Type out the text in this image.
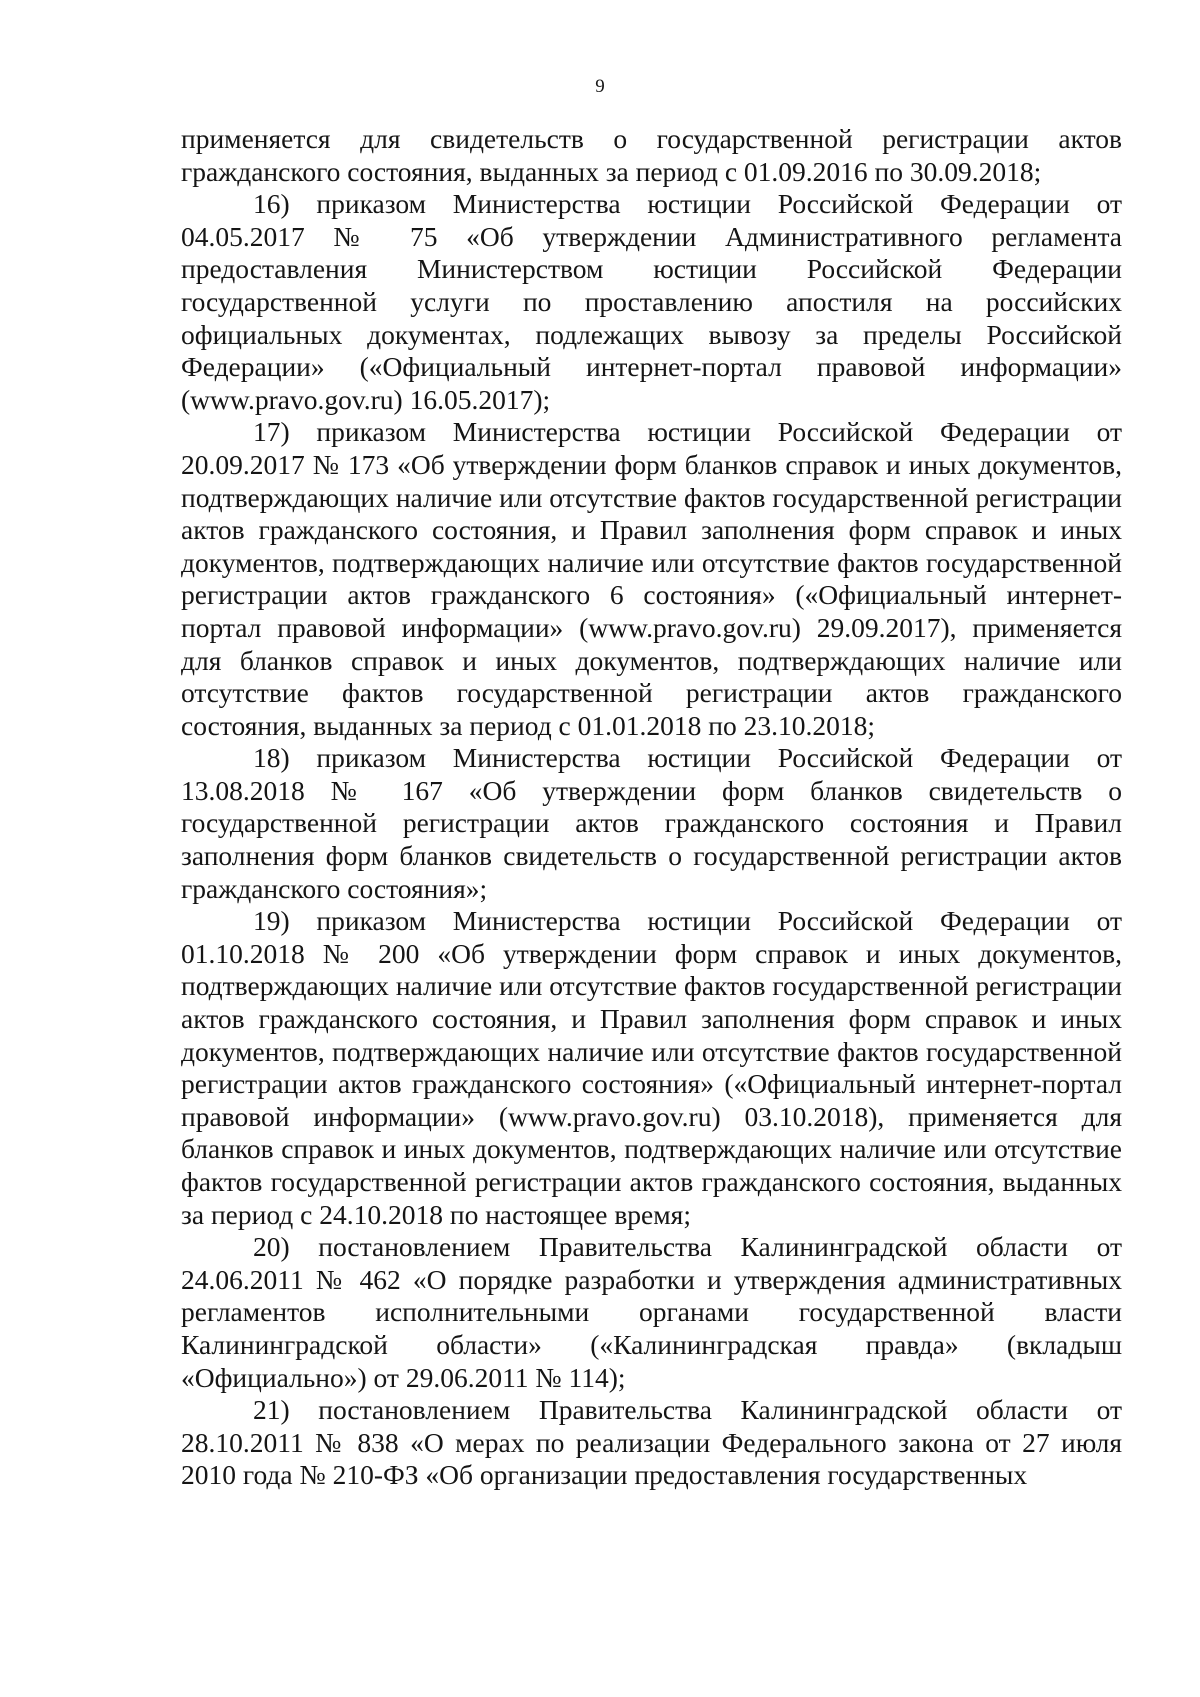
9

применяется для свидетельств о государственной регистрации актов гражданского состояния, выданных за период с 01.09.2016 по 30.09.2018;

16) приказом Министерства юстиции Российской Федерации от 04.05.2017 № 75 «Об утверждении Административного регламента предоставления Министерством юстиции Российской Федерации государственной услуги по проставлению апостиля на российских официальных документах, подлежащих вывозу за пределы Российской Федерации» («Официальный интернет-портал правовой информации» (www.pravo.gov.ru) 16.05.2017);

17) приказом Министерства юстиции Российской Федерации от 20.09.2017 № 173 «Об утверждении форм бланков справок и иных документов, подтверждающих наличие или отсутствие фактов государственной регистрации актов гражданского состояния, и Правил заполнения форм справок и иных документов, подтверждающих наличие или отсутствие фактов государственной регистрации актов гражданского 6 состояния» («Официальный интернет-портал правовой информации» (www.pravo.gov.ru) 29.09.2017), применяется для бланков справок и иных документов, подтверждающих наличие или отсутствие фактов государственной регистрации актов гражданского состояния, выданных за период с 01.01.2018 по 23.10.2018;

18) приказом Министерства юстиции Российской Федерации от 13.08.2018 № 167 «Об утверждении форм бланков свидетельств о государственной регистрации актов гражданского состояния и Правил заполнения форм бланков свидетельств о государственной регистрации актов гражданского состояния»;

19) приказом Министерства юстиции Российской Федерации от 01.10.2018 № 200 «Об утверждении форм справок и иных документов, подтверждающих наличие или отсутствие фактов государственной регистрации актов гражданского состояния, и Правил заполнения форм справок и иных документов, подтверждающих наличие или отсутствие фактов государственной регистрации актов гражданского состояния» («Официальный интернет-портал правовой информации» (www.pravo.gov.ru) 03.10.2018), применяется для бланков справок и иных документов, подтверждающих наличие или отсутствие фактов государственной регистрации актов гражданского состояния, выданных за период с 24.10.2018 по настоящее время;

20) постановлением Правительства Калининградской области от 24.06.2011 № 462 «О порядке разработки и утверждения административных регламентов исполнительными органами государственной власти Калининградской области» («Калининградская правда» (вкладыш «Официально») от 29.06.2011 № 114);

21) постановлением Правительства Калининградской области от 28.10.2011 № 838 «О мерах по реализации Федерального закона от 27 июля 2010 года № 210-ФЗ «Об организации предоставления государственных
